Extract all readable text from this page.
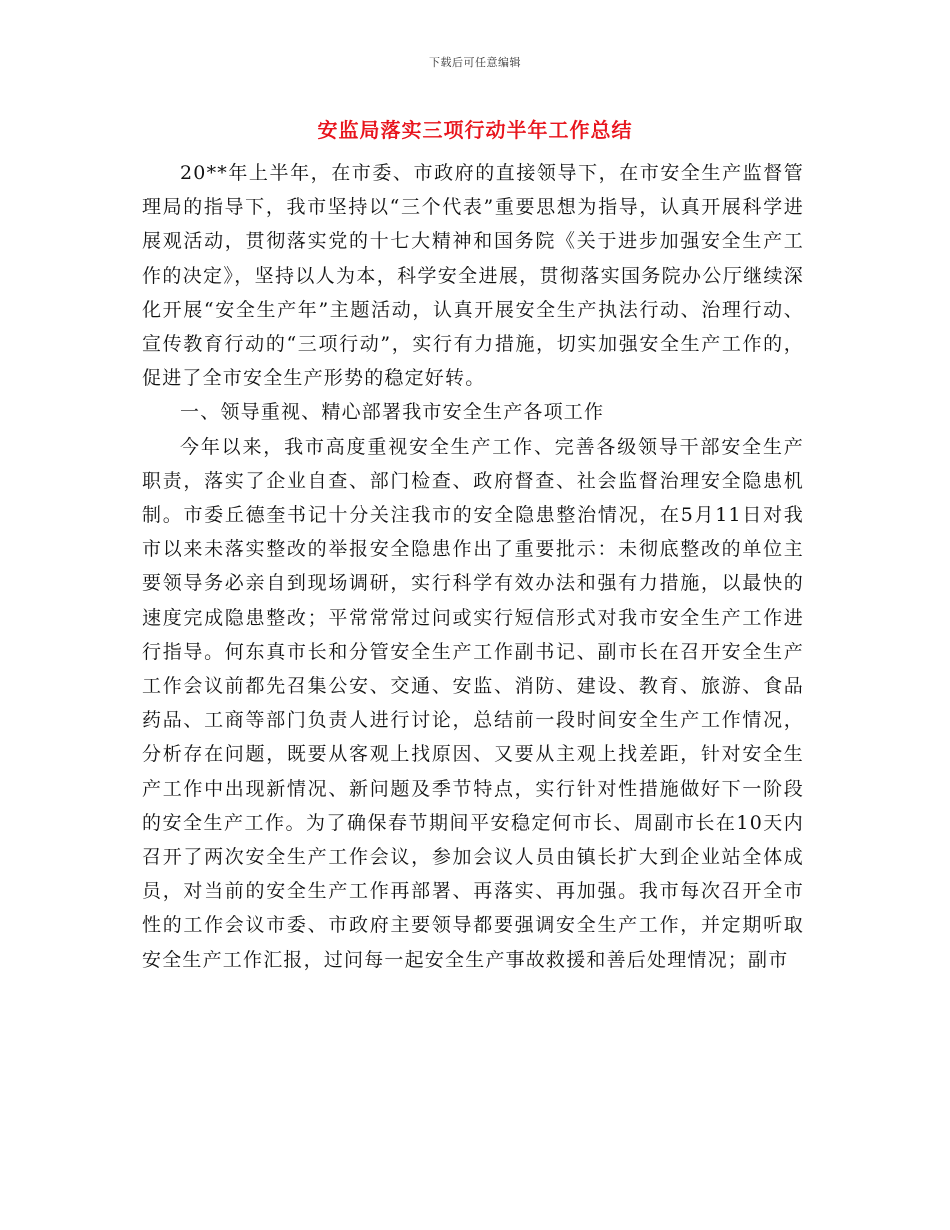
下载后可任意编辑
安监局落实三项行动半年工作总结

20**年上半年，在市委、市政府的直接领导下，在市安全生产监督管理局的指导下，我市坚持以“三个代表”重要思想为指导，认真开展科学进展观活动，贯彻落实党的十七大精神和国务院《关于进步加强安全生产工作的决定》，坚持以人为本，科学安全进展，贯彻落实国务院办公厅继续深化开展“安全生产年”主题活动，认真开展安全生产执法行动、治理行动、宣传教育行动的“三项行动”，实行有力措施，切实加强安全生产工作的，促进了全市安全生产形势的稳定好转。

一、领导重视、精心部署我市安全生产各项工作

今年以来，我市高度重视安全生产工作、完善各级领导干部安全生产职责，落实了企业自查、部门检查、政府督查、社会监督治理安全隐患机制。市委丘德奎书记十分关注我市的安全隐患整治情况，在5月11日对我市以来未落实整改的举报安全隐患作出了重要批示：未彻底整改的单位主要领导务必亲自到现场调研，实行科学有效办法和强有力措施，以最快的速度完成隐患整改；平常常常过问或实行短信形式对我市安全生产工作进行指导。何东真市长和分管安全生产工作副书记、副市长在召开安全生产工作会议前都先召集公安、交通、安监、消防、建设、教育、旅游、食品药品、工商等部门负责人进行讨论，总结前一段时间安全生产工作情况，分析存在问题，既要从客观上找原因、又要从主观上找差距，针对安全生产工作中出现新情况、新问题及季节特点，实行针对性措施做好下一阶段的安全生产工作。为了确保春节期间平安稳定何市长、周副市长在10天内召开了两次安全生产工作会议，参加会议人员由镇长扩大到企业站全体成员，对当前的安全生产工作再部署、再落实、再加强。我市每次召开全市性的工作会议市委、市政府主要领导都要强调安全生产工作，并定期听取安全生产工作汇报，过问每一起安全生产事故救援和善后处理情况；副市
